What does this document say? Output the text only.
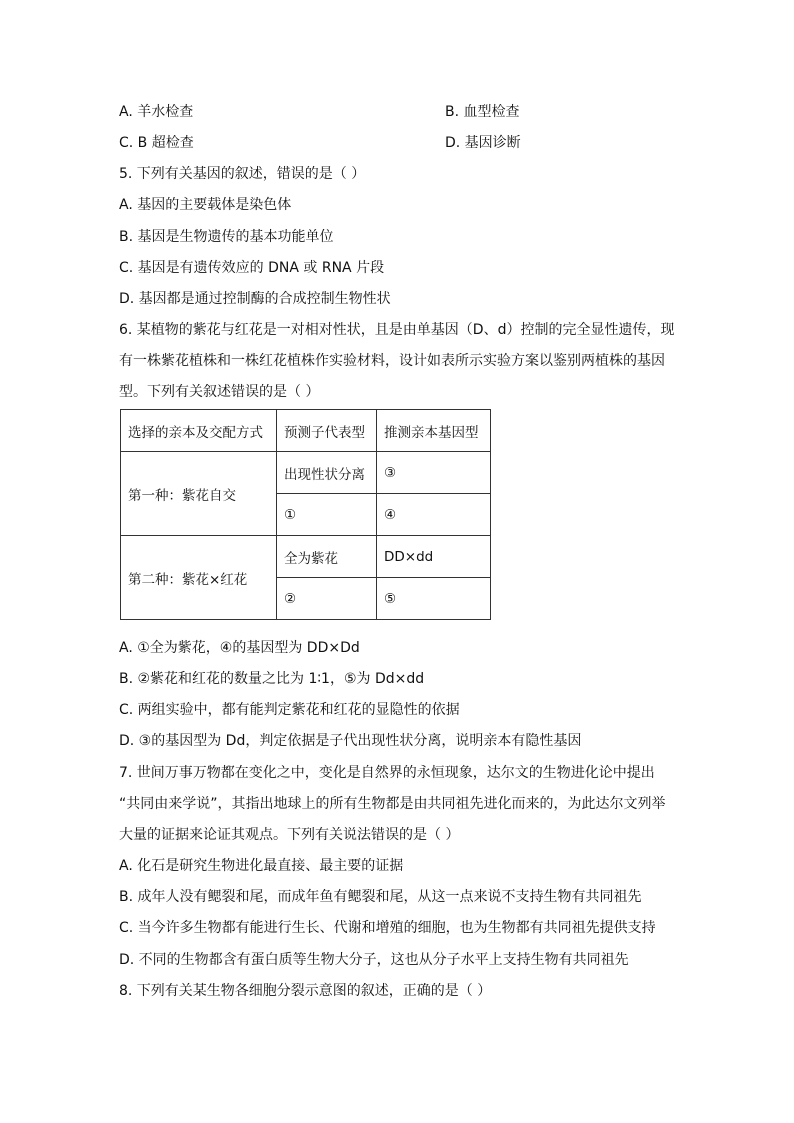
A. 羊水检查	B. 血型检查
C. B 超检查	D. 基因诊断
5. 下列有关基因的叙述，错误的是（ ）
A. 基因的主要载体是染色体
B. 基因是生物遗传的基本功能单位
C. 基因是有遗传效应的 DNA 或 RNA 片段
D. 基因都是通过控制酶的合成控制生物性状
6. 某植物的紫花与红花是一对相对性状，且是由单基因（D、d）控制的完全显性遗传，现
有一株紫花植株和一株红花植株作实验材料，设计如表所示实验方案以鉴别两植株的基因
型。下列有关叙述错误的是（ ）
选择的亲本及交配方式	预测子代表型	推测亲本基因型
第一种：紫花自交	出现性状分离	③
	①	④
第二种：紫花×红花	全为紫花	DD×dd
	②	⑤
A. ①全为紫花，④的基因型为 DD×Dd
B. ②紫花和红花的数量之比为 1∶1，⑤为 Dd×dd
C. 两组实验中，都有能判定紫花和红花的显隐性的依据
D. ③的基因型为 Dd，判定依据是子代出现性状分离，说明亲本有隐性基因
7. 世间万事万物都在变化之中，变化是自然界的永恒现象，达尔文的生物进化论中提出
“共同由来学说”，其指出地球上的所有生物都是由共同祖先进化而来的，为此达尔文列举
大量的证据来论证其观点。下列有关说法错误的是（ ）
A. 化石是研究生物进化最直接、最主要的证据
B. 成年人没有鳃裂和尾，而成年鱼有鳃裂和尾，从这一点来说不支持生物有共同祖先
C. 当今许多生物都有能进行生长、代谢和增殖的细胞，也为生物都有共同祖先提供支持
D. 不同的生物都含有蛋白质等生物大分子，这也从分子水平上支持生物有共同祖先
8. 下列有关某生物各细胞分裂示意图的叙述，正确的是（ ）
